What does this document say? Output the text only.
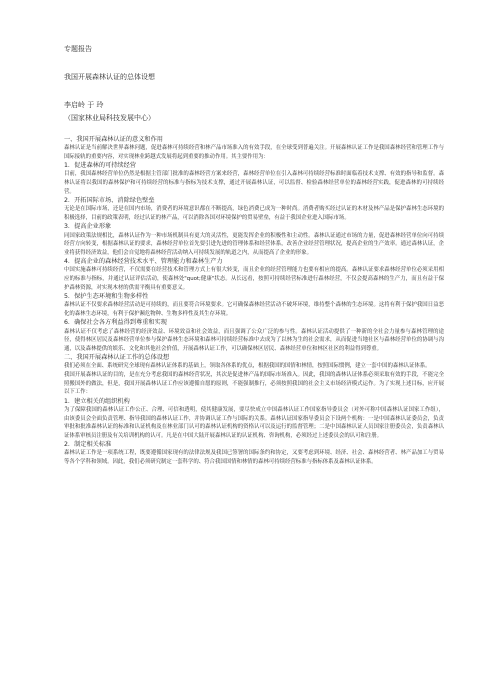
专题报告
我国开展森林认证的总体设想
李启岭 于 玲
（国家林业局科技发展中心）
一、我国开展森林认证的意义和作用
森林认证是当前解决世界森林问题，促进森林可持续经营和林产品市场准入的有效手段，在全球受到普遍关注。开展森林认证工作是我国森林经营和管理工作与国际接轨的重要内容，对实现林业跨越式发展将起到重要的推动作用。其主要作用为：
1．促进森林的可持续经营
目前，我国森林经营单位仍然是根据主管部门批准的森林经营方案来经营，森林经营单位在引入森林可持续经营标准时面临着技术支撑、有效的指导和监督。森林认证将以我国的森林保护和可持续经营的标准与指标为技术支撑，通过开展森林认证，可以监督、检验森林经营单位的森林经营实践，促进森林的可持续经营。
2．开拓国际市场、消除绿色壁垒
无论是在国际市场，还是在国内市场，消费者的环境意识都在不断提高，绿色消费已成为一种时尚。消费者购买经过认证的木材及林产品是保护森林生态环境的积极选择，目前的政策表明，经过认证的林产品，可以消除各国对环境保护的贸易壁垒，有益于我国企业进入国际市场。
3．提高企业形象
同国家政策法规相比，森林认证作为一种市场机制具有更大的灵活性，更能发挥企业的积极性和主动性。森林认证通过市场的力量，促进森林经营单位向可持续经营方向转变，根据森林认证的要求，森林经营单位首先要引进先进的管理体系和经营体系，改善企业经营管理状况，提高企业的生产效率。通过森林认证，企业将获得经济效益，他们会自觉地将森林经营活动纳入可持续发展的轨道之内，从而提高了企业的形象。
4．提高企业的森林经营技术水平、管理能力和森林生产力
中国实施森林可持续经营，不仅需要在经营技术和管理方式上有很大转变，而且企业的经营管理能力也要有相应的提高。森林认证要求森林经营单位必须采用相应的标准与指标，并通过认证评估活动，使森林处"quot;健康"状态。从长远看，按照可持续经营标准进行森林经营，不仅会提高森林的生产力，而且有益于保护森林资源，对实现木材的供需平衡具有重要意义。
5．保护生态环境和生物多样性
森林认证不仅要求森林经营活动是可持续的，而且要符合环境要求。它可确保森林经营活动不破坏环境，维持整个森林的生态环境。这将有利于保护我国日益恶化的森林生态环境，有利于保护濒危物种、生物多样性及其生存环境。
6．确保社会各方利益得到尊重和实现
森林认证不仅考虑了森林经营的经济效益、环境效益和社会效益，而且强调了公众广泛的参与性。森林认证活动提供了一种新的全社会力量参与森林管理的途径，使得林区居民及森林经营单位参与保护森林生态环境和森林可持续经营标准中去成为了以林为生的社会需求，从而促进当地社区与森林经营单位的协调与沟通，以及森林提供的娱乐、文化和其他社会价值，开展森林认证工作，可以确保林区居民、森林经营单位和林区社区的利益得到尊重。
二、我国开展森林认证工作的总体设想
我们必须在全面、系统研究全球现有森林认证体系的基础上，领取各体系的优点，根据我国的国情和林情，按照国际惯例，建立一套中国的森林认证体系。
我国开展森林认证的目的，是在充分考虑我国的森林经营状况，其次是促进林产品的国际市场准入。因此，我国的森林认证体系必须采取有效的手段，不能完全照搬国外的做法，但是，我国开展森林认证工作应该遵循自愿的原则，不能强制推行，必须按照我国的社会主义市场经济模式运作。为了实现上述目标，应开展以下工作：
1．建立相关的组织机构
为了保障我国的森林认证工作公正、合理、可信和透明，使其健康发展，要尽快成立中国森林认证工作国家指导委员会（对外可称中国森林认证国家工作组），由该委员会全面负责管理、指导我国的森林认证工作，并协调认证工作与国际的关系。森林认证国家指导委员会下设两个机构：一是中国森林认证委员会，负责审批和批准森林认证的标准和认证机构及在林业部门认可的森林认证机构的资格认可以及运行的监督管理；二是中国森林认证人员国家注册委员会，负责森林认证体系审核员注册及有关培训机构的认可。凡是在中国大陆开展森林认证的认证机构、咨询机构，必须经过上述委员会的认可和注册。
2．制定相关标准
森林认证工作是一项系统工程，既要遵循国家现有的法律法规及我国已签署的国际条约和协定，又要考虑到环境、经济、社会、森林经营者、林产品加工与贸易等各个学科和领域。因此，我们必须研究制定一套科学的、符合我国国情和林情的森林可持续经营标准与指标体系及森林认证体系。
